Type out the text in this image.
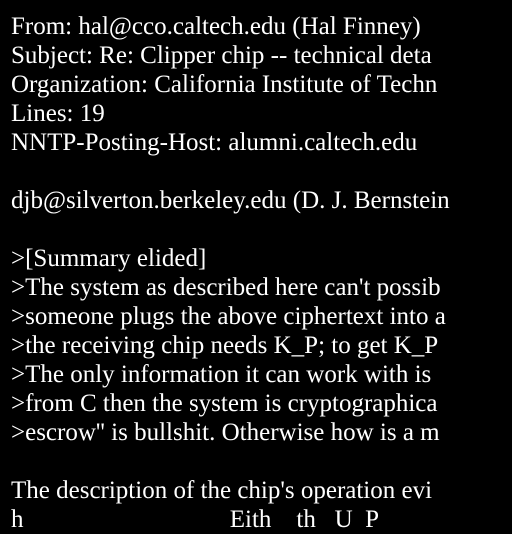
From: hal@cco.caltech.edu (Hal Finney)
Subject: Re: Clipper chip -- technical deta
Organization: California Institute of Techn
Lines: 19
NNTP-Posting-Host: alumni.caltech.edu
djb@silverton.berkeley.edu (D. J. Bernstein
>[Summary elided]
>The system as described here can't possib
>someone plugs the above ciphertext into a
>the receiving chip needs K_P; to get K_P
>The only information it can work with is
>from C then the system is cryptographica
>escrow'' is bullshit. Otherwise how is a m
The description of the chip's operation evi
h                                 Eith    th   U  P
